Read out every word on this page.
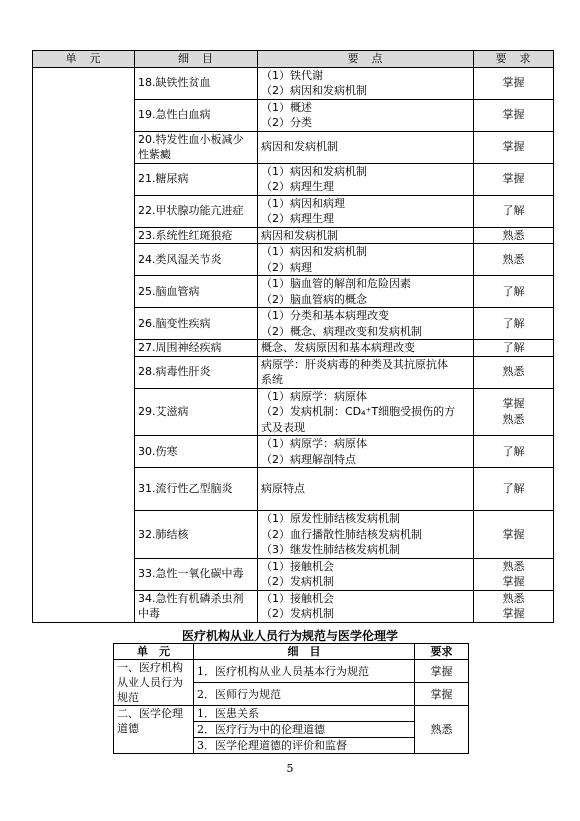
单　元	细　目	要　点	要　求
	18.缺铁性贫血	（1）铁代谢
（2）病因和发病机制	掌握

	19.急性白血病	（1）概述
（2）分类	掌握

	20.特发性血小板减少性紫癜	病因和发病机制	掌握

	21.糖尿病	（1）病因和发病机制
（2）病理生理	掌握

	22.甲状腺功能亢进症	（1）病因和病理
（2）病理生理	了解

	23.系统性红斑狼疮	病因和发病机制	熟悉

	24.类风湿关节炎	（1）病因和发病机制
（2）病理	熟悉

	25.脑血管病	（1）脑血管的解剖和危险因素
（2）脑血管病的概念	了解

	26.脑变性疾病	（1）分类和基本病理改变
（2）概念、病理改变和发病机制	了解

	27.周围神经疾病	概念、发病原因和基本病理改变	了解

	28.病毒性肝炎	病原学：肝炎病毒的种类及其抗原抗体
系统	熟悉

	29.艾滋病	（1）病原学：病原体
（2）发病机制：CD₄⁺T细胞受损伤的方
式及表现	掌握
熟悉

	30.伤寒	（1）病原学：病原体
（2）病理解剖特点	了解

	31.流行性乙型脑炎	病原特点	了解

	32.肺结核	（1）原发性肺结核发病机制
（2）血行播散性肺结核发病机制
（3）继发性肺结核发病机制	掌握

	33.急性一氧化碳中毒	（1）接触机会
（2）发病机制	熟悉
掌握

	34.急性有机磷杀虫剂中毒	（1）接触机会
（2）发病机制	熟悉
掌握
医疗机构从业人员行为规范与医学伦理学
单　元	细　目	要求
一、医疗机构从业人员行为规范	1．医疗机构从业人员基本行为规范	掌握
	2．医师行为规范	掌握
二、医学伦理道德	1．医患关系	熟悉
	2．医疗行为中的伦理道德	
	3．医学伦理道德的评价和监督	
5
